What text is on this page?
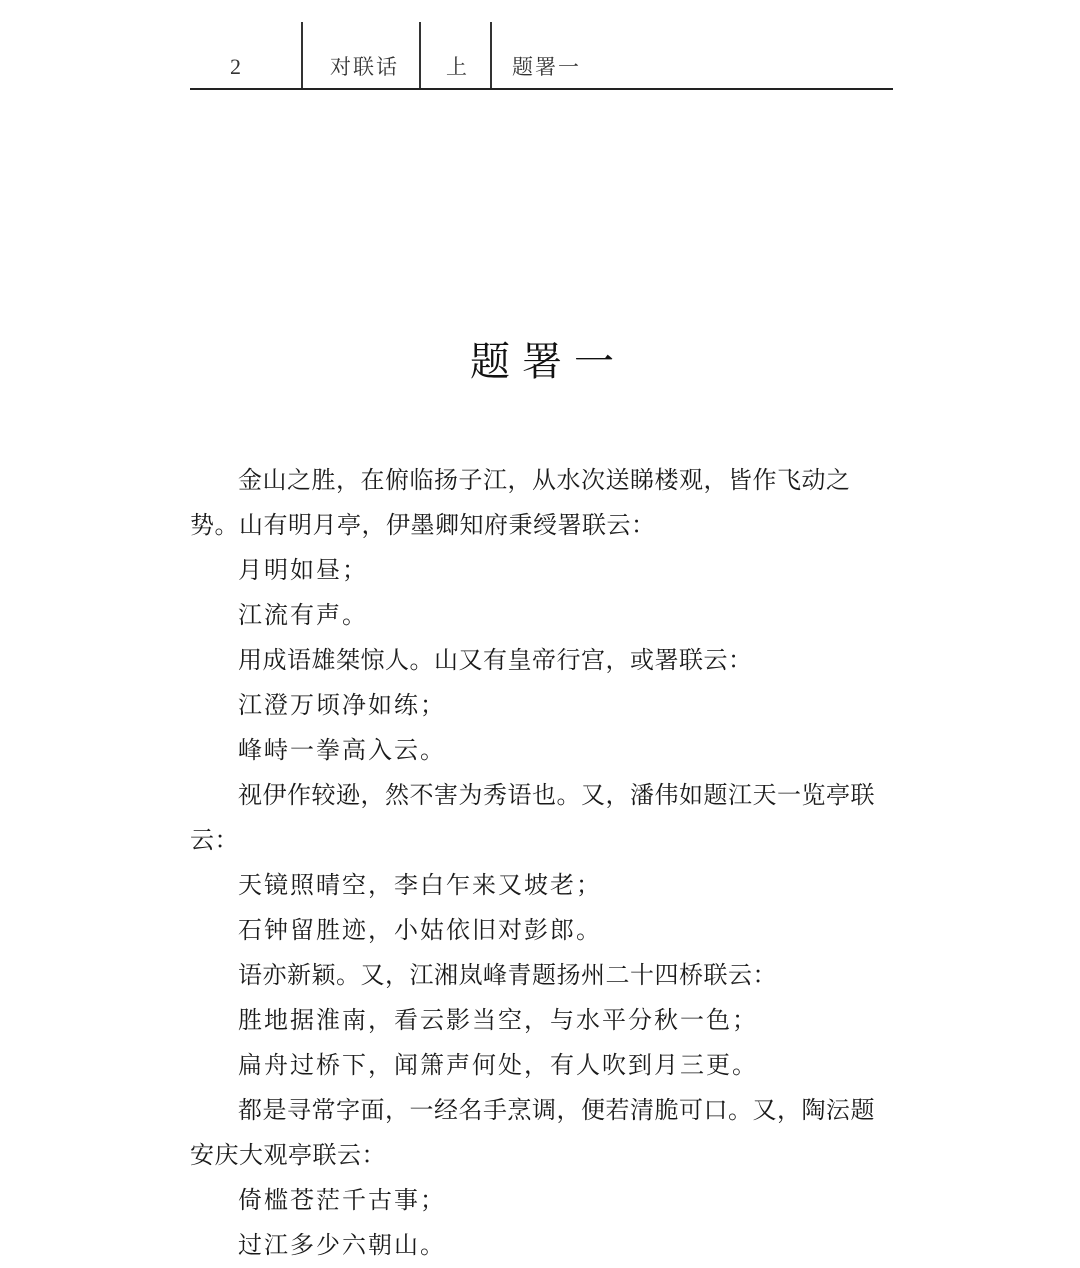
2	对联话 上 题署一
题署一

金山之胜，在俯临扬子江，从水次送睇楼观，皆作飞动之势。山有明月亭，伊墨卿知府秉绶署联云：

月明如昼；

江流有声。

用成语雄桀惊人。山又有皇帝行宫，或署联云：

江澄万顷净如练；

峰峙一拳高入云。

视伊作较逊，然不害为秀语也。又，潘伟如题江天一览亭联云：

天镜照晴空，李白乍来又坡老；

石钟留胜迹，小姑依旧对彭郎。

语亦新颖。又，江湘岚峰青题扬州二十四桥联云：

胜地据淮南，看云影当空，与水平分秋一色；

扁舟过桥下，闻箫声何处，有人吹到月三更。

都是寻常字面，一经名手烹调，便若清脆可口。又，陶沄题安庆大观亭联云：

倚槛苍茫千古事；

过江多少六朝山。
